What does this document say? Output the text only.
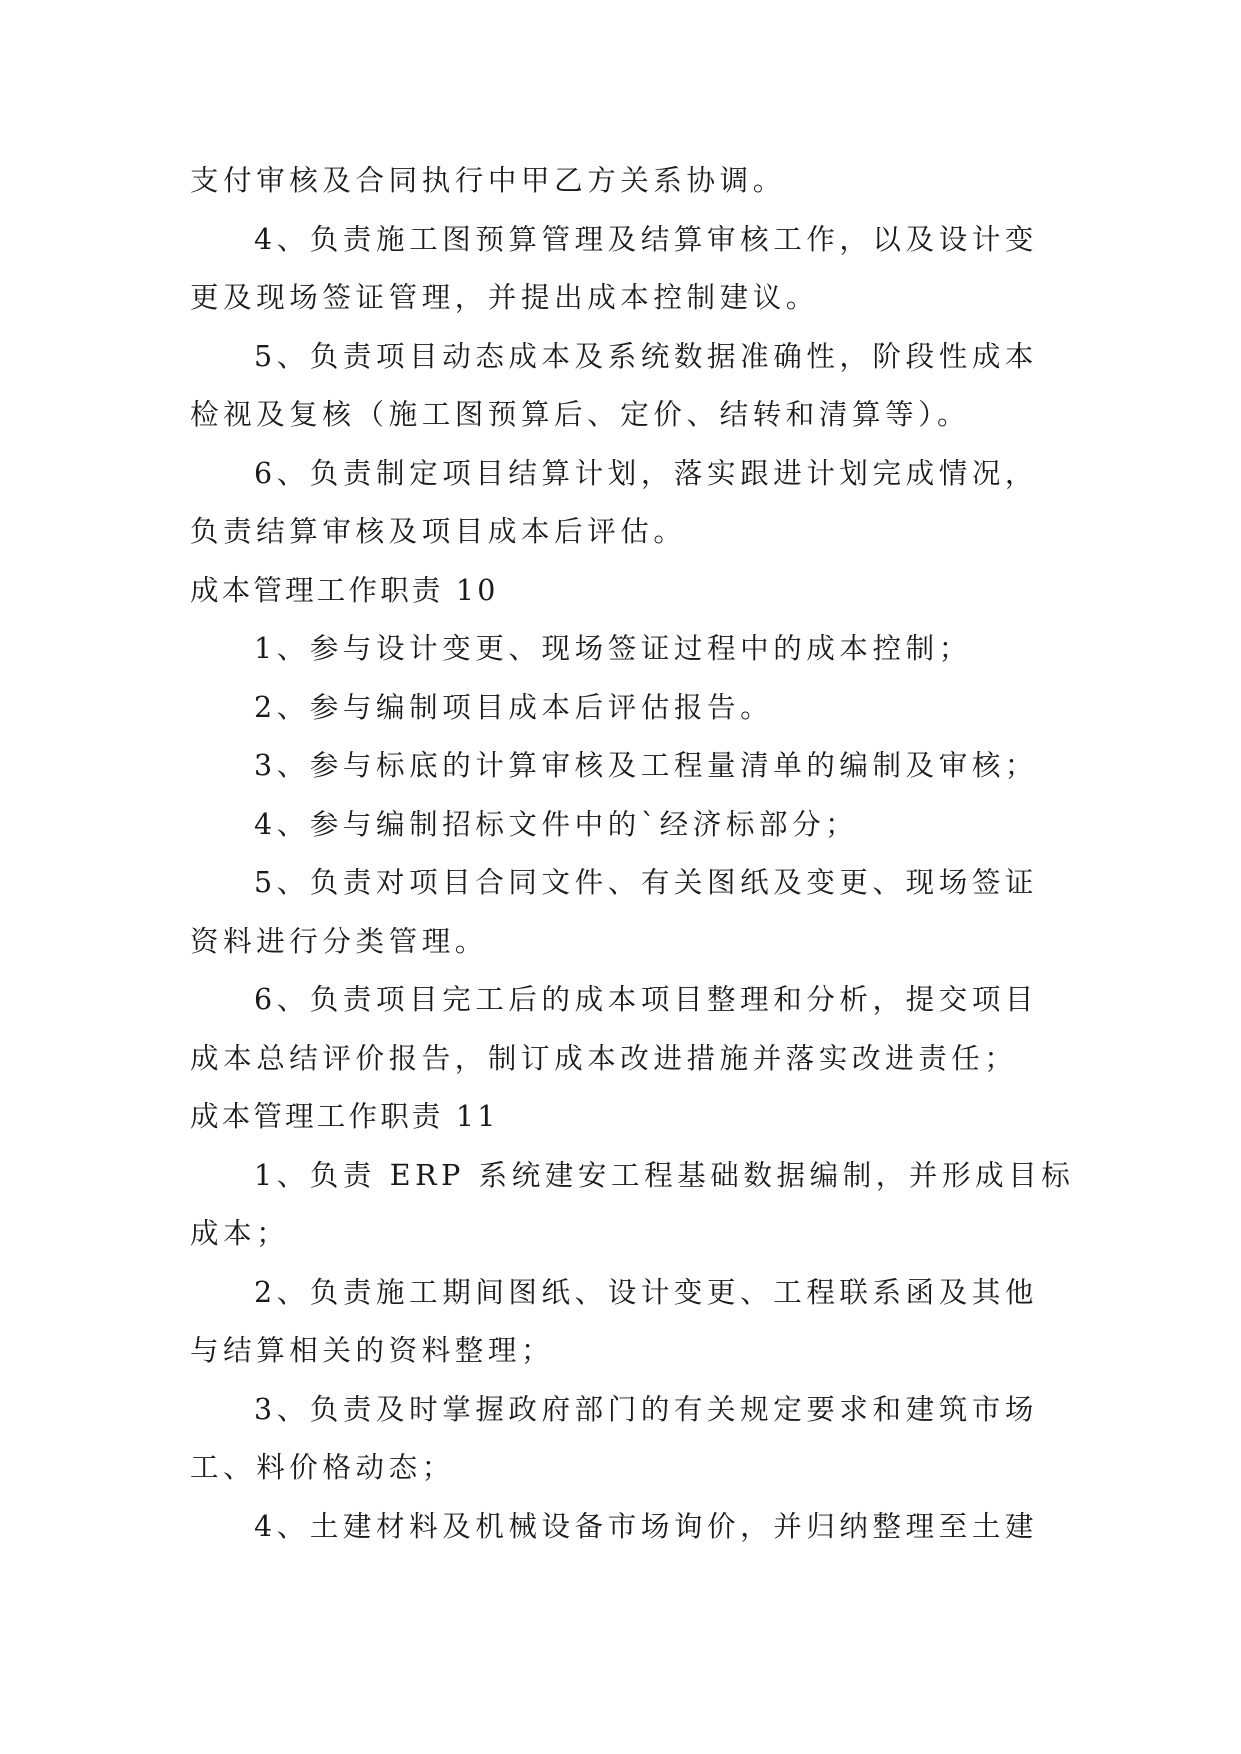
支付审核及合同执行中甲乙方关系协调。
4、负责施工图预算管理及结算审核工作，以及设计变
更及现场签证管理，并提出成本控制建议。
5、负责项目动态成本及系统数据准确性，阶段性成本
检视及复核（施工图预算后、定价、结转和清算等）。
6、负责制定项目结算计划，落实跟进计划完成情况，
负责结算审核及项目成本后评估。
成本管理工作职责 10
1、参与设计变更、现场签证过程中的成本控制；
2、参与编制项目成本后评估报告。
3、参与标底的计算审核及工程量清单的编制及审核；
4、参与编制招标文件中的`经济标部分；
5、负责对项目合同文件、有关图纸及变更、现场签证
资料进行分类管理。
6、负责项目完工后的成本项目整理和分析，提交项目
成本总结评价报告，制订成本改进措施并落实改进责任；
成本管理工作职责 11
1、负责 ERP 系统建安工程基础数据编制，并形成目标
成本；
2、负责施工期间图纸、设计变更、工程联系函及其他
与结算相关的资料整理；
3、负责及时掌握政府部门的有关规定要求和建筑市场
工、料价格动态；
4、土建材料及机械设备市场询价，并归纳整理至土建
